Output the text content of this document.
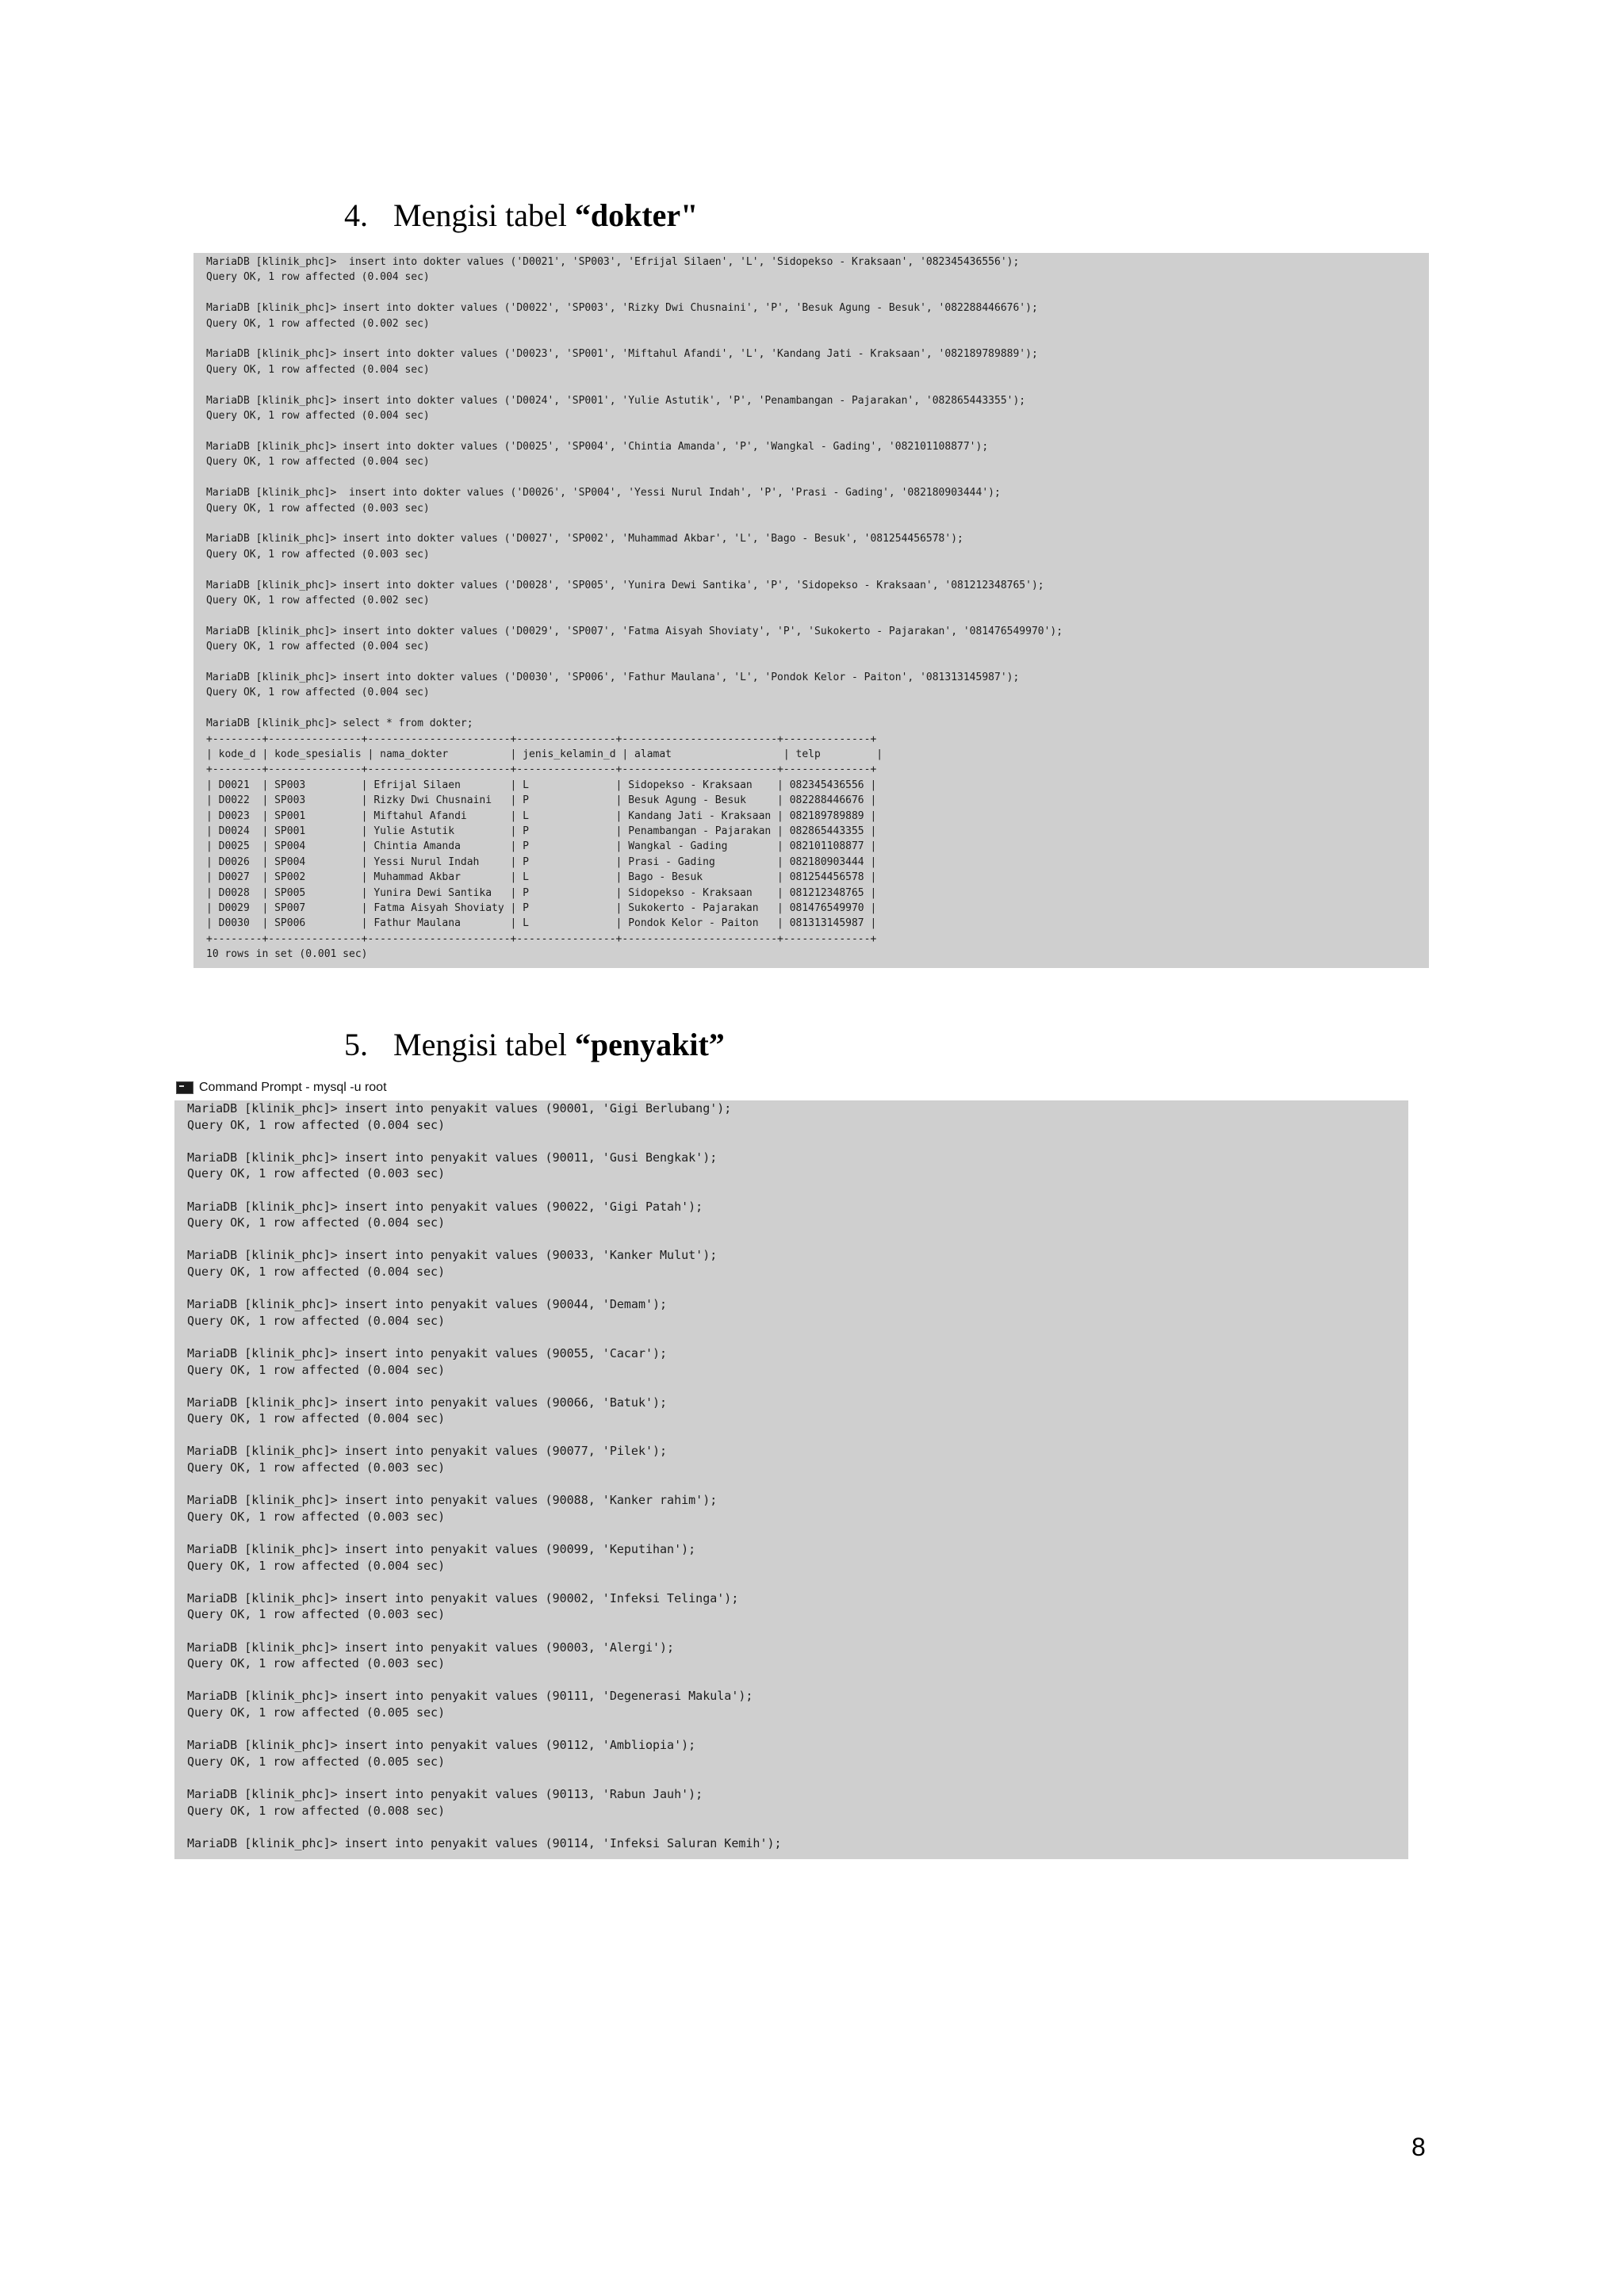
4. Mengisi tabel “dokter"
MariaDB [klinik_phc]>  insert into dokter values ('D0021', 'SP003', 'Efrijal Silaen', 'L', 'Sidopekso - Kraksaan', '082345436556');
Query OK, 1 row affected (0.004 sec)

MariaDB [klinik_phc]> insert into dokter values ('D0022', 'SP003', 'Rizky Dwi Chusnaini', 'P', 'Besuk Agung - Besuk', '082288446676');
Query OK, 1 row affected (0.002 sec)

MariaDB [klinik_phc]> insert into dokter values ('D0023', 'SP001', 'Miftahul Afandi', 'L', 'Kandang Jati - Kraksaan', '082189789889');
Query OK, 1 row affected (0.004 sec)

MariaDB [klinik_phc]> insert into dokter values ('D0024', 'SP001', 'Yulie Astutik', 'P', 'Penambangan - Pajarakan', '082865443355');
Query OK, 1 row affected (0.004 sec)

MariaDB [klinik_phc]> insert into dokter values ('D0025', 'SP004', 'Chintia Amanda', 'P', 'Wangkal - Gading', '082101108877');
Query OK, 1 row affected (0.004 sec)

MariaDB [klinik_phc]>  insert into dokter values ('D0026', 'SP004', 'Yessi Nurul Indah', 'P', 'Prasi - Gading', '082180903444');
Query OK, 1 row affected (0.003 sec)

MariaDB [klinik_phc]> insert into dokter values ('D0027', 'SP002', 'Muhammad Akbar', 'L', 'Bago - Besuk', '081254456578');
Query OK, 1 row affected (0.003 sec)

MariaDB [klinik_phc]> insert into dokter values ('D0028', 'SP005', 'Yunira Dewi Santika', 'P', 'Sidopekso - Kraksaan', '081212348765');
Query OK, 1 row affected (0.002 sec)

MariaDB [klinik_phc]> insert into dokter values ('D0029', 'SP007', 'Fatma Aisyah Shoviaty', 'P', 'Sukokerto - Pajarakan', '081476549970');
Query OK, 1 row affected (0.004 sec)

MariaDB [klinik_phc]> insert into dokter values ('D0030', 'SP006', 'Fathur Maulana', 'L', 'Pondok Kelor - Paiton', '081313145987');
Query OK, 1 row affected (0.004 sec)

MariaDB [klinik_phc]> select * from dokter;
+--------+---------------+-----------------------+----------------+-------------------------+--------------+
| kode_d | kode_spesialis | nama_dokter          | jenis_kelamin_d | alamat                  | telp         |
+--------+---------------+-----------------------+----------------+-------------------------+--------------+
| D0021  | SP003         | Efrijal Silaen        | L              | Sidopekso - Kraksaan    | 082345436556 |
| D0022  | SP003         | Rizky Dwi Chusnaini   | P              | Besuk Agung - Besuk     | 082288446676 |
| D0023  | SP001         | Miftahul Afandi       | L              | Kandang Jati - Kraksaan | 082189789889 |
| D0024  | SP001         | Yulie Astutik         | P              | Penambangan - Pajarakan | 082865443355 |
| D0025  | SP004         | Chintia Amanda        | P              | Wangkal - Gading        | 082101108877 |
| D0026  | SP004         | Yessi Nurul Indah     | P              | Prasi - Gading          | 082180903444 |
| D0027  | SP002         | Muhammad Akbar        | L              | Bago - Besuk            | 081254456578 |
| D0028  | SP005         | Yunira Dewi Santika   | P              | Sidopekso - Kraksaan    | 081212348765 |
| D0029  | SP007         | Fatma Aisyah Shoviaty | P              | Sukokerto - Pajarakan   | 081476549970 |
| D0030  | SP006         | Fathur Maulana        | L              | Pondok Kelor - Paiton   | 081313145987 |
+--------+---------------+-----------------------+----------------+-------------------------+--------------+
10 rows in set (0.001 sec)
5. Mengisi tabel “penyakit”
Command Prompt - mysql -u root
MariaDB [klinik_phc]> insert into penyakit values (90001, 'Gigi Berlubang');
Query OK, 1 row affected (0.004 sec)

MariaDB [klinik_phc]> insert into penyakit values (90011, 'Gusi Bengkak');
Query OK, 1 row affected (0.003 sec)

MariaDB [klinik_phc]> insert into penyakit values (90022, 'Gigi Patah');
Query OK, 1 row affected (0.004 sec)

MariaDB [klinik_phc]> insert into penyakit values (90033, 'Kanker Mulut');
Query OK, 1 row affected (0.004 sec)

MariaDB [klinik_phc]> insert into penyakit values (90044, 'Demam');
Query OK, 1 row affected (0.004 sec)

MariaDB [klinik_phc]> insert into penyakit values (90055, 'Cacar');
Query OK, 1 row affected (0.004 sec)

MariaDB [klinik_phc]> insert into penyakit values (90066, 'Batuk');
Query OK, 1 row affected (0.004 sec)

MariaDB [klinik_phc]> insert into penyakit values (90077, 'Pilek');
Query OK, 1 row affected (0.003 sec)

MariaDB [klinik_phc]> insert into penyakit values (90088, 'Kanker rahim');
Query OK, 1 row affected (0.003 sec)

MariaDB [klinik_phc]> insert into penyakit values (90099, 'Keputihan');
Query OK, 1 row affected (0.004 sec)

MariaDB [klinik_phc]> insert into penyakit values (90002, 'Infeksi Telinga');
Query OK, 1 row affected (0.003 sec)

MariaDB [klinik_phc]> insert into penyakit values (90003, 'Alergi');
Query OK, 1 row affected (0.003 sec)

MariaDB [klinik_phc]> insert into penyakit values (90111, 'Degenerasi Makula');
Query OK, 1 row affected (0.005 sec)

MariaDB [klinik_phc]> insert into penyakit values (90112, 'Ambliopia');
Query OK, 1 row affected (0.005 sec)

MariaDB [klinik_phc]> insert into penyakit values (90113, 'Rabun Jauh');
Query OK, 1 row affected (0.008 sec)

MariaDB [klinik_phc]> insert into penyakit values (90114, 'Infeksi Saluran Kemih');
8
